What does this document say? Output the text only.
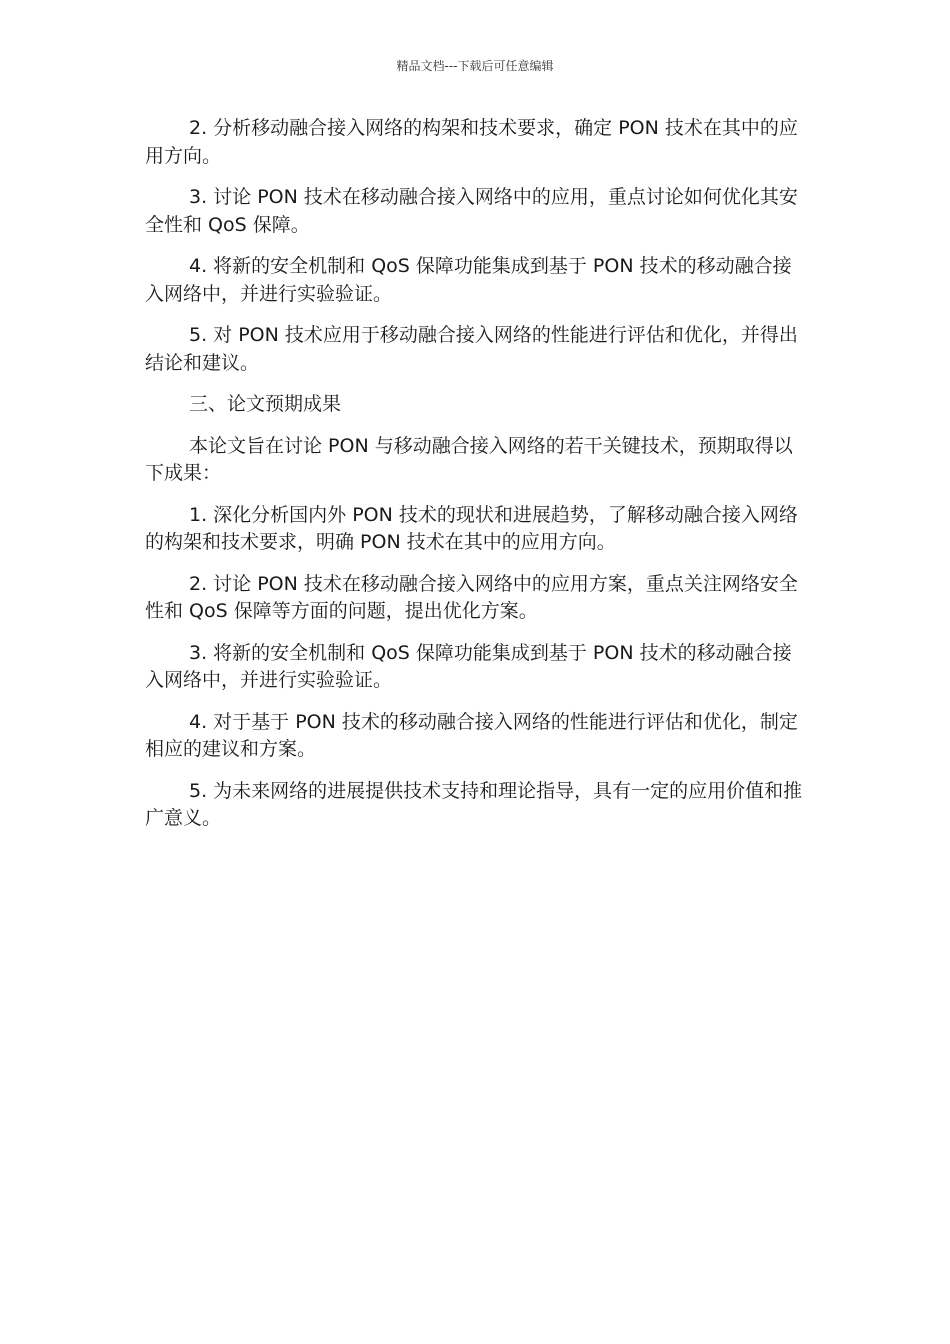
精品文档---下载后可任意编辑

2. 分析移动融合接入网络的构架和技术要求，确定 PON 技术在其中的应用方向。

3. 讨论 PON 技术在移动融合接入网络中的应用，重点讨论如何优化其安全性和 QoS 保障。

4. 将新的安全机制和 QoS 保障功能集成到基于 PON 技术的移动融合接入网络中，并进行实验验证。

5. 对 PON 技术应用于移动融合接入网络的性能进行评估和优化，并得出结论和建议。

三、论文预期成果

本论文旨在讨论 PON 与移动融合接入网络的若干关键技术，预期取得以下成果：

1. 深化分析国内外 PON 技术的现状和进展趋势，了解移动融合接入网络的构架和技术要求，明确 PON 技术在其中的应用方向。

2. 讨论 PON 技术在移动融合接入网络中的应用方案，重点关注网络安全性和 QoS 保障等方面的问题，提出优化方案。

3. 将新的安全机制和 QoS 保障功能集成到基于 PON 技术的移动融合接入网络中，并进行实验验证。

4. 对于基于 PON 技术的移动融合接入网络的性能进行评估和优化，制定相应的建议和方案。

5. 为未来网络的进展提供技术支持和理论指导，具有一定的应用价值和推广意义。
